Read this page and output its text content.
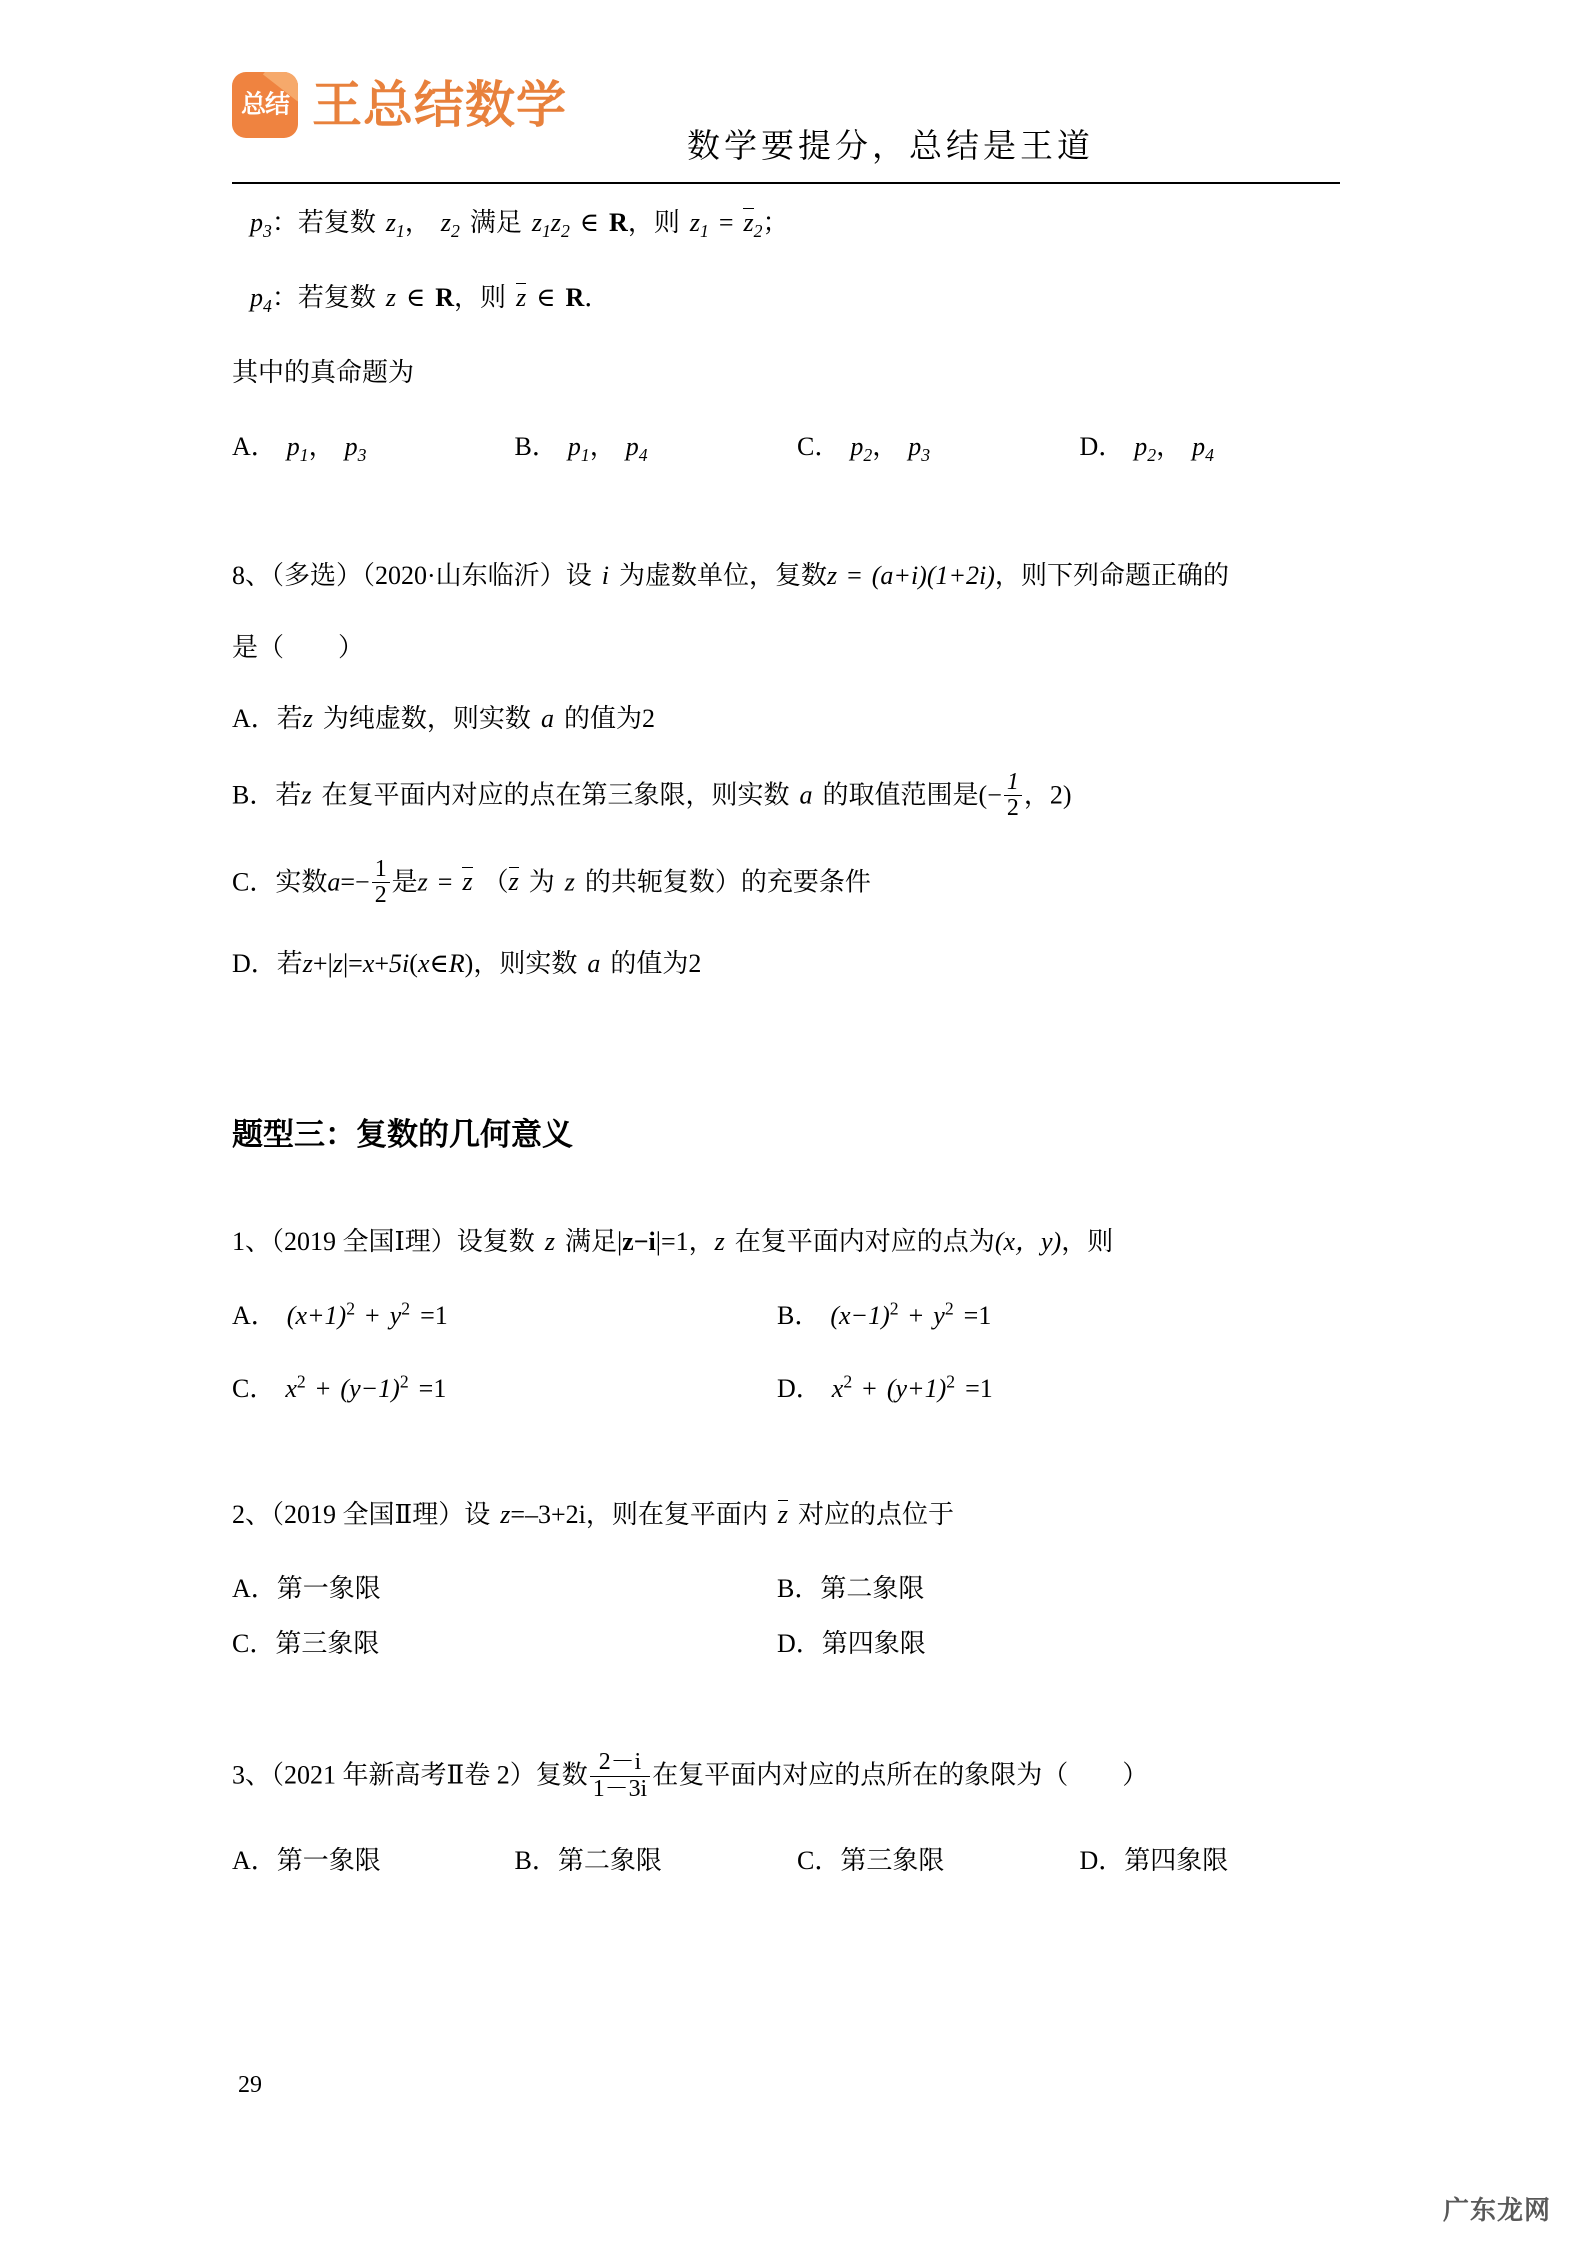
总结 王总结数学
数学要提分，总结是王道

$p_3$：若复数 $z_1$， $z_2$ 满足 $z_1z_2$ ∈ R，则 $z_1 = z_2$；

$p_4$：若复数 z ∈ R，则 z ∈ R．

其中的真命题为

A． $p_1$， $p_3$	B． $p_1$， $p_4$	C． $p_2$， $p_3$	D． $p_2$， $p_4$

8、（多选）（2020·山东临沂）设 i 为虚数单位，复数z = (a+i)(1+2i)，则下列命题正确的

是（ ）

A．若z 为纯虚数，则实数 a 的值为2

B．若z 在复平面内对应的点在第三象限，则实数 a 的取值范围是(− $\frac{1}{2}$ ，2)

C．实数$a=- \frac{1}{2}$ 是z = z （z 为 z 的共轭复数）的充要条件

D．若z+|z|=x+5i(x∈R)，则实数 a 的值为2

题型三：复数的几何意义

1、（2019 全国Ⅰ理）设复数 z 满足|z−i|=1，z 在复平面内对应的点为(x，y)，则

A． $(x+1)^2 + y^2 =1$	B． $(x-1)^2 + y^2 =1$
C． $x^2 + (y-1)^2 =1$	D． $x^2 + (y+1)^2 =1$

2、（2019 全国Ⅱ理）设 z=–3+2i，则在复平面内 z 对应的点位于

A．第一象限	B．第二象限
C．第三象限	D．第四象限

3、（2021 年新高考Ⅱ卷 2）复数 $\frac{2-i}{1-3i}$ 在复平面内对应的点所在的象限为（ ）

A．第一象限	B．第二象限	C．第三象限	D．第四象限
29
广东龙网
